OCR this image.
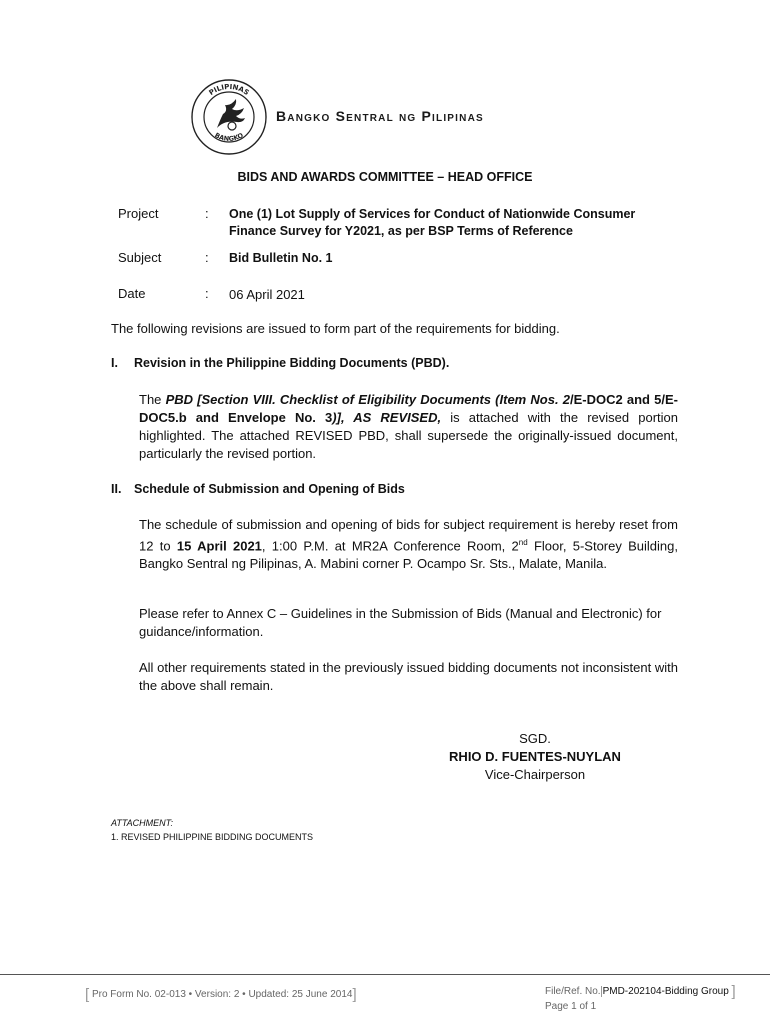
PILIPINAS
BANGKO
Bangko Sentral ng Pilipinas
BIDS AND AWARDS COMMITTEE – HEAD OFFICE
Project	: One (1) Lot Supply of Services for Conduct of Nationwide Consumer
Finance Survey for Y2021, as per BSP Terms of Reference
Subject	: Bid Bulletin No. 1
Date	: 06 April 2021
The following revisions are issued to form part of the requirements for bidding.
I. Revision in the Philippine Bidding Documents (PBD).
The PBD [Section VIII. Checklist of Eligibility Documents (Item Nos. 2/E-DOC2 and 5/E-DOC5.b and Envelope No. 3)], AS REVISED, is attached with the revised portion highlighted. The attached REVISED PBD, shall supersede the originally-issued document, particularly the revised portion.
II. Schedule of Submission and Opening of Bids
The schedule of submission and opening of bids for subject requirement is hereby reset from 12 to 15 April 2021, 1:00 P.M. at MR2A Conference Room, 2nd Floor, 5-Storey Building, Bangko Sentral ng Pilipinas, A. Mabini corner P. Ocampo Sr. Sts., Malate, Manila.
Please refer to Annex C – Guidelines in the Submission of Bids (Manual and Electronic) for guidance/information.
All other requirements stated in the previously issued bidding documents not inconsistent with the above shall remain.
SGD.
RHIO D. FUENTES-NUYLAN
Vice-Chairperson
ATTACHMENT:
1. REVISED PHILIPPINE BIDDING DOCUMENTS
[ Pro Form No. 02-013 • Version: 2 • Updated: 25 June 2014]	File/Ref. No. PMD-202104-Bidding Group ]
Page 1 of 1
